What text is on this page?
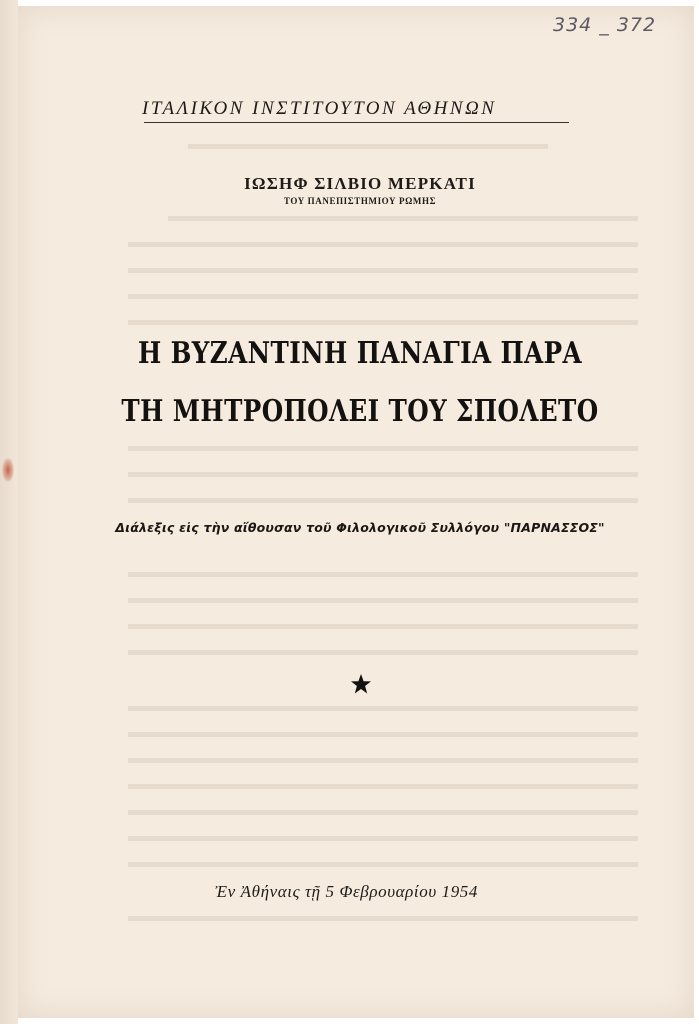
334 _ 372
ΙΤΑΛΙΚΟΝ ΙΝΣΤΙΤΟΥΤΟΝ ΑΘΗΝΩΝ
ΙΩΣΗΦ ΣΙΛΒΙΟ ΜΕΡΚΑΤΙ
ΤΟΥ ΠΑΝΕΠΙΣΤΗΜΙΟΥ ΡΩΜΗΣ
Η ΒΥΖΑΝΤΙΝΗ ΠΑΝΑΓΙΑ ΠΑΡΑ
ΤΗ ΜΗΤΡΟΠΟΛΕΙ ΤΟΥ ΣΠΟΛΕΤΟ
Διάλεξις εἰς τὴν αἴθουσαν τοῦ Φιλολογικοῦ Συλλόγου "ΠΑΡΝΑΣΣΟΣ"
Ἐν Ἀθήναις τῇ 5 Φεβρουαρίου 1954
